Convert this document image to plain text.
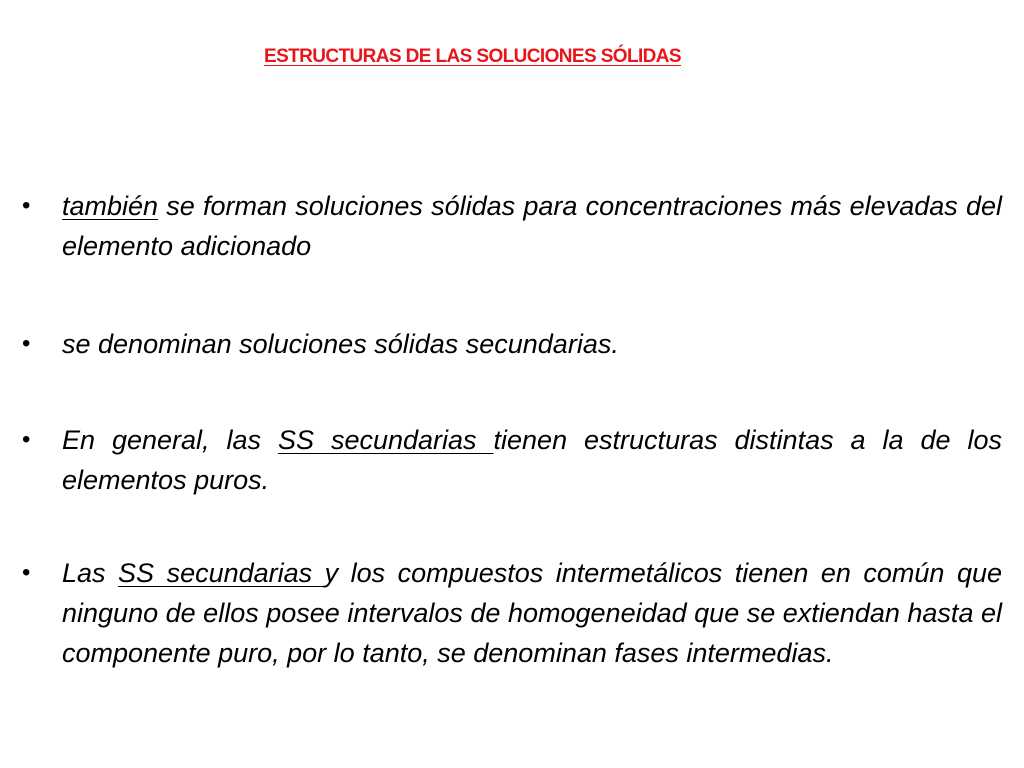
ESTRUCTURAS DE LAS SOLUCIONES SÓLIDAS
•	también se forman soluciones sólidas para concentraciones más elevadas del elemento adicionado
•	se denominan soluciones sólidas secundarias.
•	En general, las SS secundarias tienen estructuras distintas a la de los elementos puros.
•	Las SS secundarias y los compuestos intermetálicos tienen en común que ninguno de ellos posee intervalos de homogeneidad que se extiendan hasta el componente puro, por lo tanto, se denominan fases intermedias.
